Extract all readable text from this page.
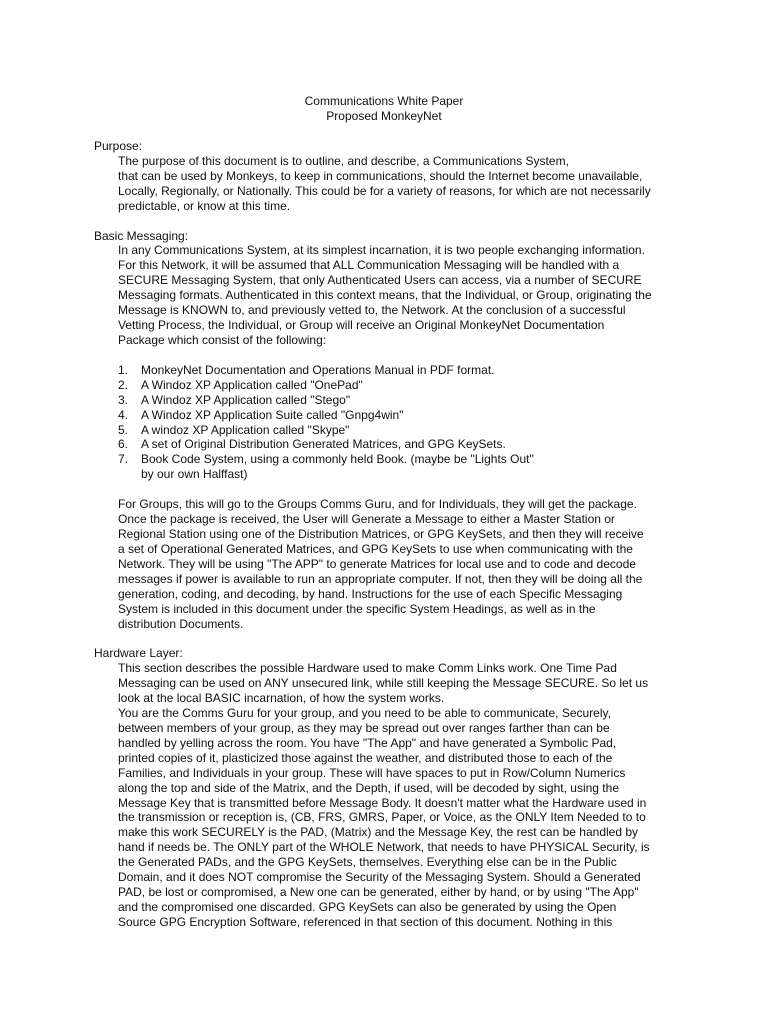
Communications White Paper
Proposed MonkeyNet
Purpose:
The purpose of this document is to outline, and describe, a Communications System,
that can be used by Monkeys, to keep in communications, should the Internet become unavailable,
Locally, Regionally, or Nationally. This could be for a variety of reasons, for which are not necessarily
predictable, or know at this time.
Basic Messaging:
In any Communications System, at its simplest incarnation, it is two people exchanging information.
For this Network, it will be assumed that ALL Communication Messaging will be handled with a
SECURE Messaging System, that only Authenticated Users can access, via a number of SECURE
Messaging formats. Authenticated in this context means, that the Individual, or Group, originating the
Message is KNOWN to, and previously vetted to, the Network. At the conclusion of a successful
Vetting Process, the Individual, or Group will receive an Original MonkeyNet Documentation
Package which consist of the following:
1. MonkeyNet Documentation and Operations Manual in PDF format.
2. A Windoz XP Application called "OnePad"
3. A Windoz XP Application called "Stego"
4. A Windoz XP Application Suite called "Gnpg4win"
5. A windoz XP Application called "Skype"
6. A set of Original Distribution Generated Matrices, and GPG KeySets.
7. Book Code System, using a commonly held Book. (maybe be "Lights Out"
by our own Halffast)
For Groups, this will go to the Groups Comms Guru, and for Individuals, they will get the package.
Once the package is received, the User will Generate a Message to either a Master Station or
Regional Station using one of the Distribution Matrices, or GPG KeySets, and then they will receive
a set of Operational Generated Matrices, and GPG KeySets to use when communicating with the
Network. They will be using "The APP" to generate Matrices for local use and to code and decode
messages if power is available to run an appropriate computer. If not, then they will be doing all the
generation, coding, and decoding, by hand. Instructions for the use of each Specific Messaging
System is included in this document under the specific System Headings, as well as in the
distribution Documents.
Hardware Layer:
This section describes the possible Hardware used to make Comm Links work. One Time Pad
Messaging can be used on ANY unsecured link, while still keeping the Message SECURE. So let us
look at the local BASIC incarnation, of how the system works.
You are the Comms Guru for your group, and you need to be able to communicate, Securely,
between members of your group, as they may be spread out over ranges farther than can be
handled by yelling across the room. You have "The App" and have generated a Symbolic Pad,
printed copies of it, plasticized those against the weather, and distributed those to each of the
Families, and Individuals in your group. These will have spaces to put in Row/Column Numerics
along the top and side of the Matrix, and the Depth, if used, will be decoded by sight, using the
Message Key that is transmitted before Message Body. It doesn't matter what the Hardware used in
the transmission or reception is, (CB, FRS, GMRS, Paper, or Voice, as the ONLY Item Needed to to
make this work SECURELY is the PAD, (Matrix) and the Message Key, the rest can be handled by
hand if needs be. The ONLY part of the WHOLE Network, that needs to have PHYSICAL Security, is
the Generated PADs, and the GPG KeySets, themselves. Everything else can be in the Public
Domain, and it does NOT compromise the Security of the Messaging System. Should a Generated
PAD, be lost or compromised, a New one can be generated, either by hand, or by using "The App"
and the compromised one discarded. GPG KeySets can also be generated by using the Open
Source GPG Encryption Software, referenced in that section of this document. Nothing in this
